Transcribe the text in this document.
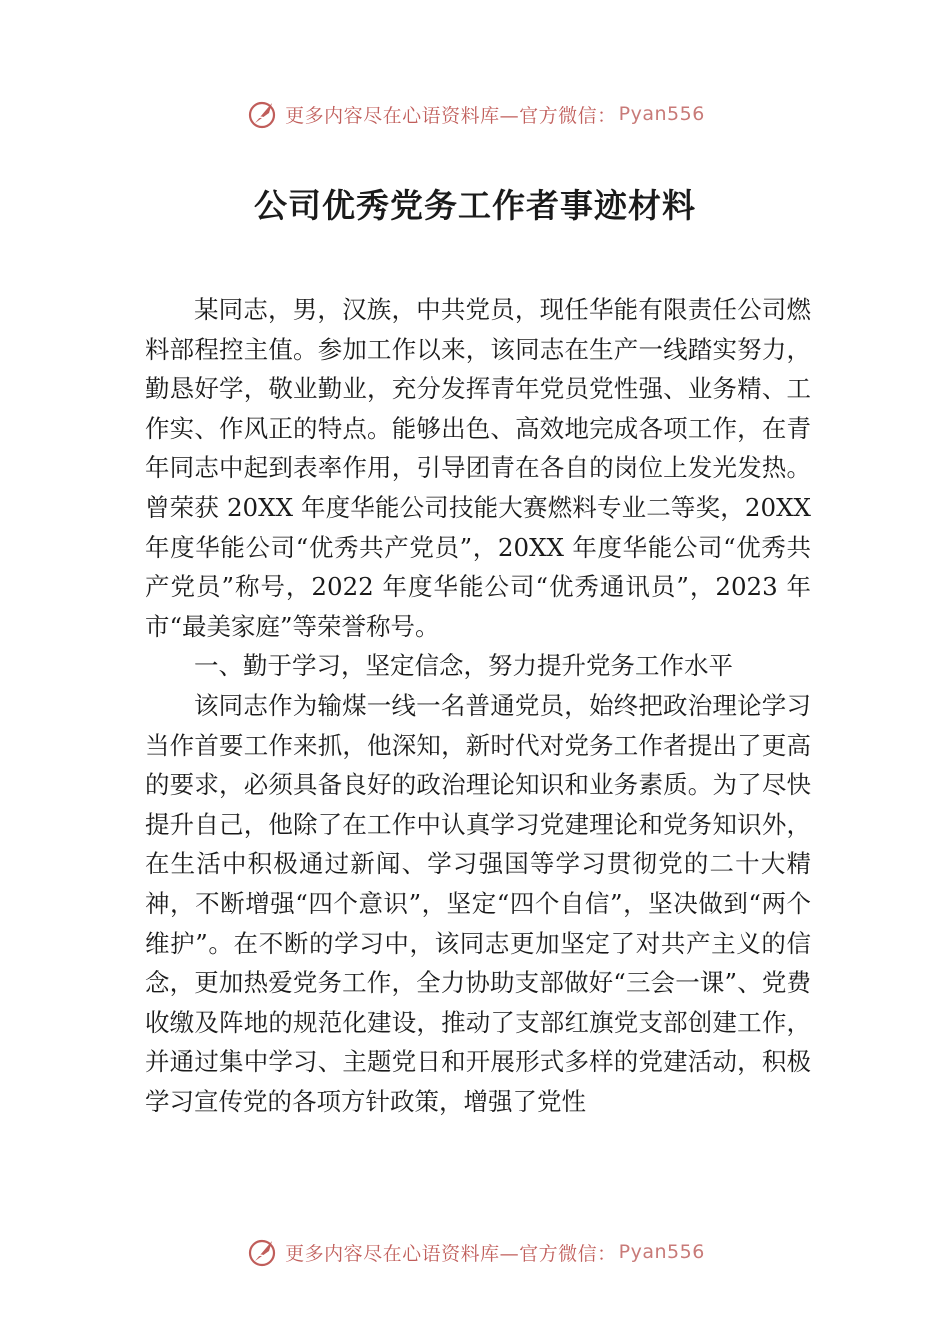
更多内容尽在心语资料库—官方微信： Pyan556
公司优秀党务工作者事迹材料

某同志，男，汉族，中共党员，现任华能有限责任公司燃料部程控主值。参加工作以来，该同志在生产一线踏实努力，勤恳好学，敬业勤业，充分发挥青年党员党性强、业务精、工作实、作风正的特点。能够出色、高效地完成各项工作，在青年同志中起到表率作用，引导团青在各自的岗位上发光发热。曾荣获 20XX 年度华能公司技能大赛燃料专业二等奖，20XX 年度华能公司“优秀共产党员”，20XX 年度华能公司“优秀共产党员”称号，2022 年度华能公司“优秀通讯员”，2023 年市“最美家庭”等荣誉称号。

一、勤于学习，坚定信念，努力提升党务工作水平

该同志作为输煤一线一名普通党员，始终把政治理论学习当作首要工作来抓，他深知，新时代对党务工作者提出了更高的要求，必须具备良好的政治理论知识和业务素质。为了尽快提升自己，他除了在工作中认真学习党建理论和党务知识外，在生活中积极通过新闻、学习强国等学习贯彻党的二十大精神，不断增强“四个意识”，坚定“四个自信”，坚决做到“两个维护”。在不断的学习中，该同志更加坚定了对共产主义的信念，更加热爱党务工作，全力协助支部做好“三会一课”、党费收缴及阵地的规范化建设，推动了支部红旗党支部创建工作，并通过集中学习、主题党日和开展形式多样的党建活动，积极学习宣传党的各项方针政策，增强了党性

更多内容尽在心语资料库—官方微信： Pyan556
